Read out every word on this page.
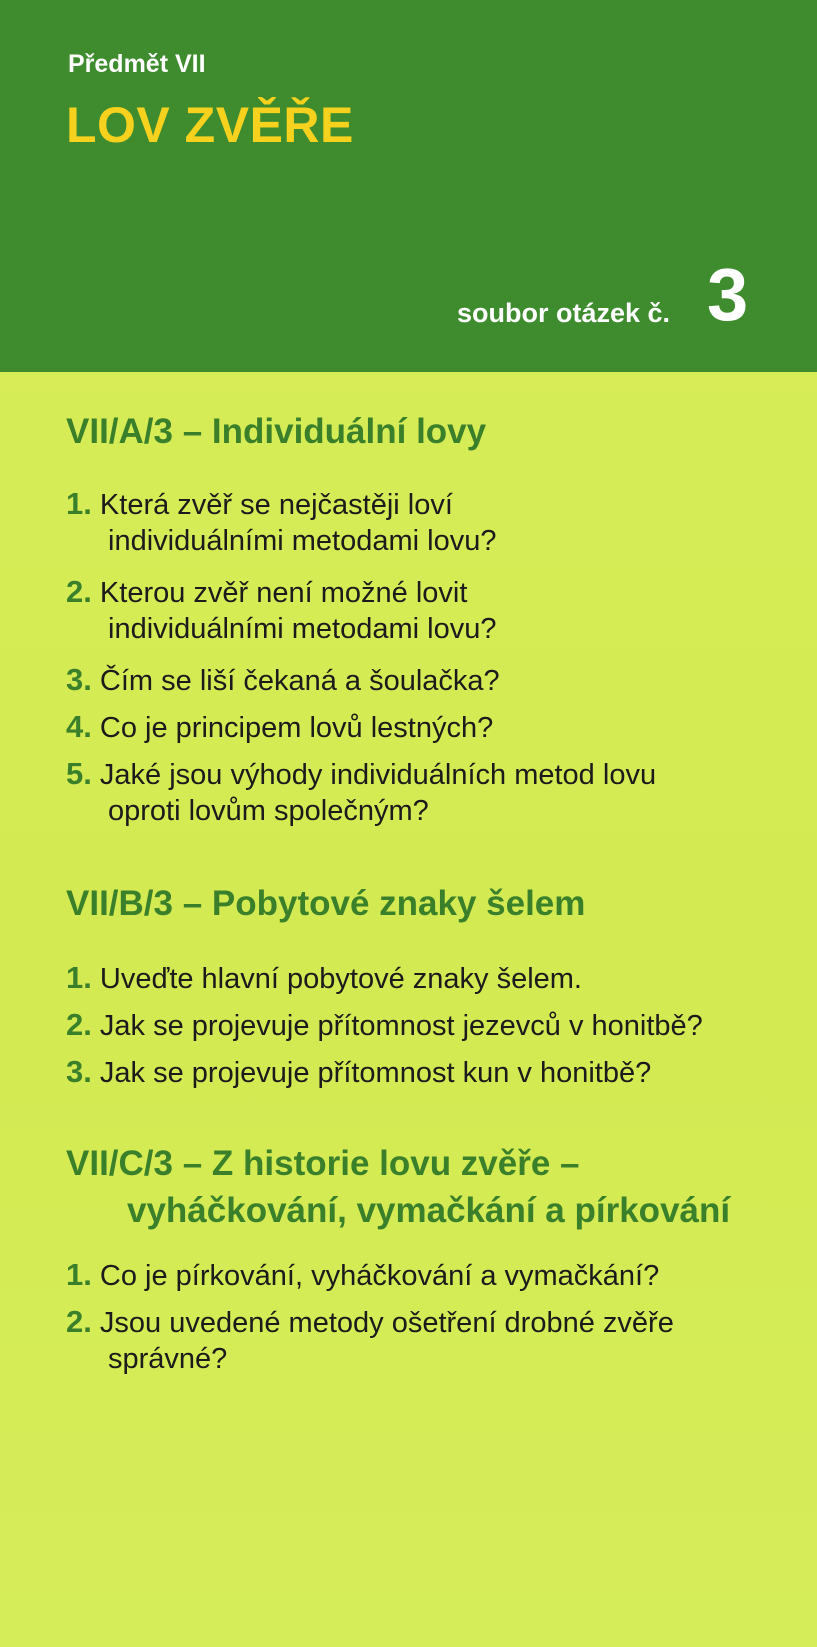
Předmět VII
LOV ZVĚŘE
soubor otázek č. 3
VII/A/3 – Individuální lovy
1. Která zvěř se nejčastěji loví
individuálními metodami lovu?
2. Kterou zvěř není možné lovit
individuálními metodami lovu?
3. Čím se liší čekaná a šoulačka?
4. Co je principem lovů lestných?
5. Jaké jsou výhody individuálních metod lovu
oproti lovům společným?
VII/B/3 – Pobytové znaky šelem
1. Uveďte hlavní pobytové znaky šelem.
2. Jak se projevuje přítomnost jezevců v honitbě?
3. Jak se projevuje přítomnost kun v honitbě?
VII/C/3 – Z historie lovu zvěře –
vyháčkování, vymačkání a pírkování
1. Co je pírkování, vyháčkování a vymačkání?
2. Jsou uvedené metody ošetření drobné zvěře
správné?
